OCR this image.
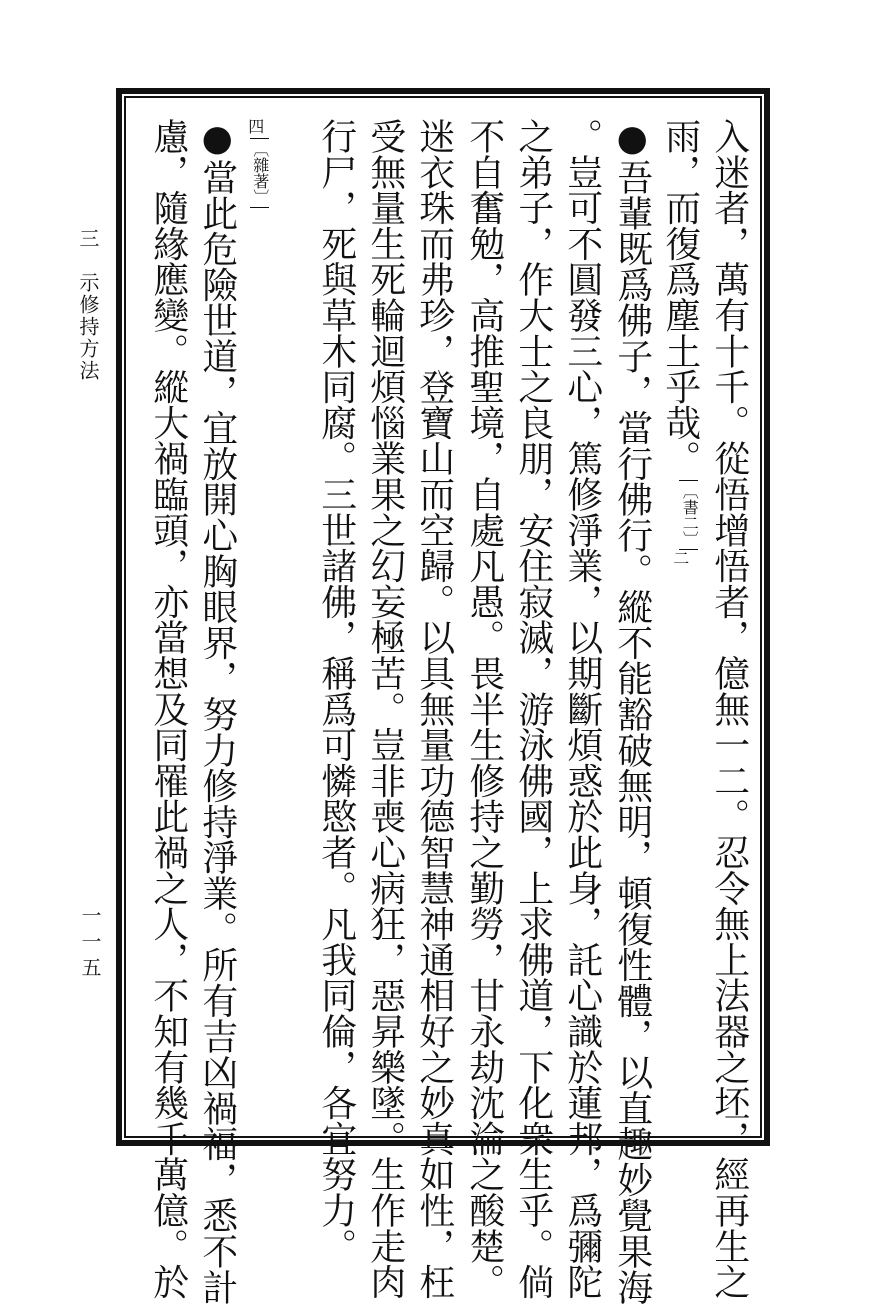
三　示修持方法
一一五	入迷者，萬有十千。從悟增悟者，億無一二。忍令無上法器之坯，經再生之
雨，而復爲塵土乎哉。〔書二〕二
●吾輩既爲佛子，當行佛行。縱不能豁破無明，頓復性體，以直趣妙覺果海
。豈可不圓發三心，篤修淨業，以期斷煩惑於此身，託心識於蓮邦，爲彌陀
之弟子，作大士之良朋，安住寂滅，游泳佛國，上求佛道，下化衆生乎。倘
不自奮勉，高推聖境，自處凡愚。畏半生修持之勤勞，甘永劫沈淪之酸楚。
迷衣珠而弗珍，登寶山而空歸。以具無量功德智慧神通相好之妙真如性，枉
受無量生死輪迴煩惱業果之幻妄極苦。豈非喪心病狂，惡昇樂墜。生作走肉
行尸，死與草木同腐。三世諸佛，稱爲可憐愍者。凡我同倫，各宜努力。
四〔雜著〕
●當此危險世道，宜放開心胸眼界，努力修持淨業。所有吉凶禍福，悉不計
慮，隨緣應變。縱大禍臨頭，亦當想及同罹此禍之人，不知有幾千萬億。於
